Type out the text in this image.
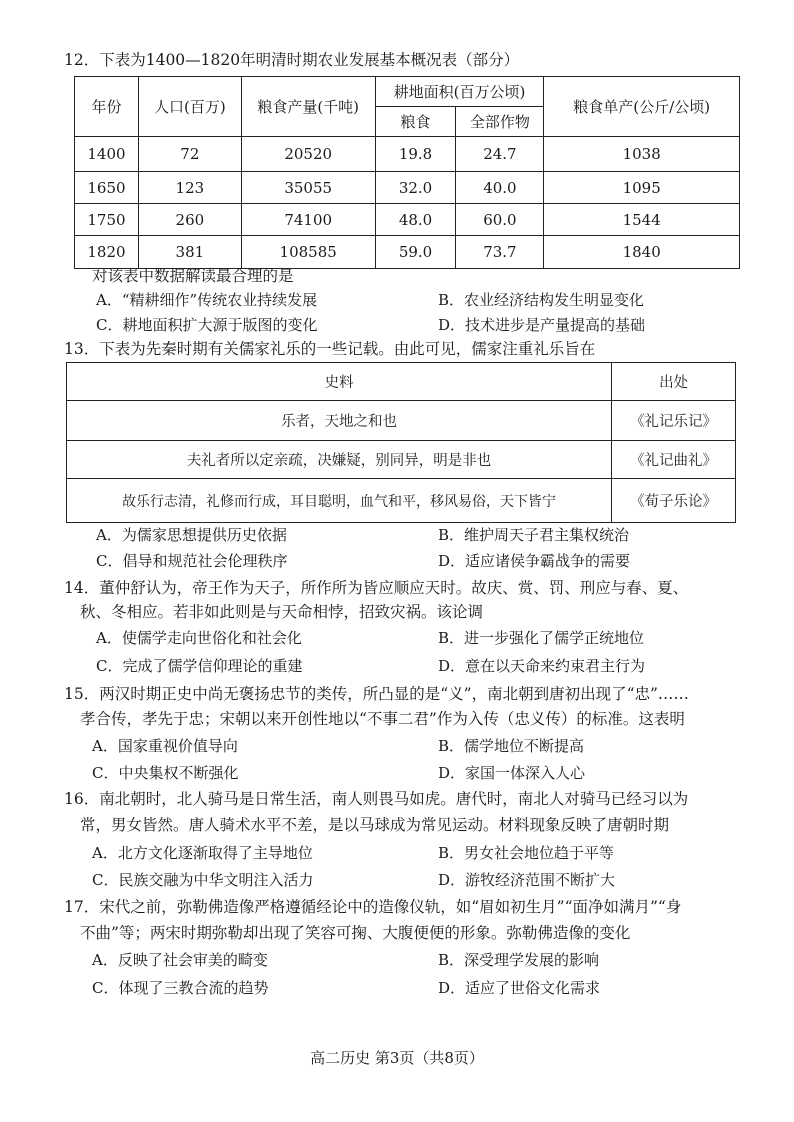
12．下表为1400—1820年明清时期农业发展基本概况表（部分）
年份	人口(百万)	粮食产量(千吨)	耕地面积(百万公顷)		粮食单产(公斤/公顷)
			粮食	全部作物	
1400	72	20520	19.8	24.7	1038
1650	123	35055	32.0	40.0	1095
1750	260	74100	48.0	60.0	1544
1820	381	108585	59.0	73.7	1840
对该表中数据解读最合理的是
A．“精耕细作”传统农业持续发展	B．农业经济结构发生明显变化
C．耕地面积扩大源于版图的变化	D．技术进步是产量提高的基础
13．下表为先秦时期有关儒家礼乐的一些记载。由此可见，儒家注重礼乐旨在
史料	出处
乐者，天地之和也	《礼记乐记》
夫礼者所以定亲疏，决嫌疑，别同异，明是非也	《礼记曲礼》
故乐行志清，礼修而行成，耳目聪明，血气和平，移风易俗，天下皆宁	《荀子乐论》
A．为儒家思想提供历史依据	B．维护周天子君主集权统治
C．倡导和规范社会伦理秩序	D．适应诸侯争霸战争的需要
14．董仲舒认为，帝王作为天子，所作所为皆应顺应天时。故庆、赏、罚、刑应与春、夏、
秋、冬相应。若非如此则是与天命相悖，招致灾祸。该论调
A．使儒学走向世俗化和社会化	B．进一步强化了儒学正统地位
C．完成了儒学信仰理论的重建	D．意在以天命来约束君主行为
15．两汉时期正史中尚无褒扬忠节的类传，所凸显的是“义”，南北朝到唐初出现了“忠”……
孝合传，孝先于忠；宋朝以来开创性地以“不事二君”作为入传（忠义传）的标准。这表明
A．国家重视价值导向	B．儒学地位不断提高
C．中央集权不断强化	D．家国一体深入人心
16．南北朝时，北人骑马是日常生活，南人则畏马如虎。唐代时，南北人对骑马已经习以为
常，男女皆然。唐人骑术水平不差，是以马球成为常见运动。材料现象反映了唐朝时期
A．北方文化逐渐取得了主导地位	B．男女社会地位趋于平等
C．民族交融为中华文明注入活力	D．游牧经济范围不断扩大
17．宋代之前，弥勒佛造像严格遵循经论中的造像仪轨，如“眉如初生月”“面净如满月”“身
不曲”等；两宋时期弥勒却出现了笑容可掬、大腹便便的形象。弥勒佛造像的变化
A．反映了社会审美的畸变	B．深受理学发展的影响
C．体现了三教合流的趋势	D．适应了世俗文化需求
高二历史 第3页（共8页）
